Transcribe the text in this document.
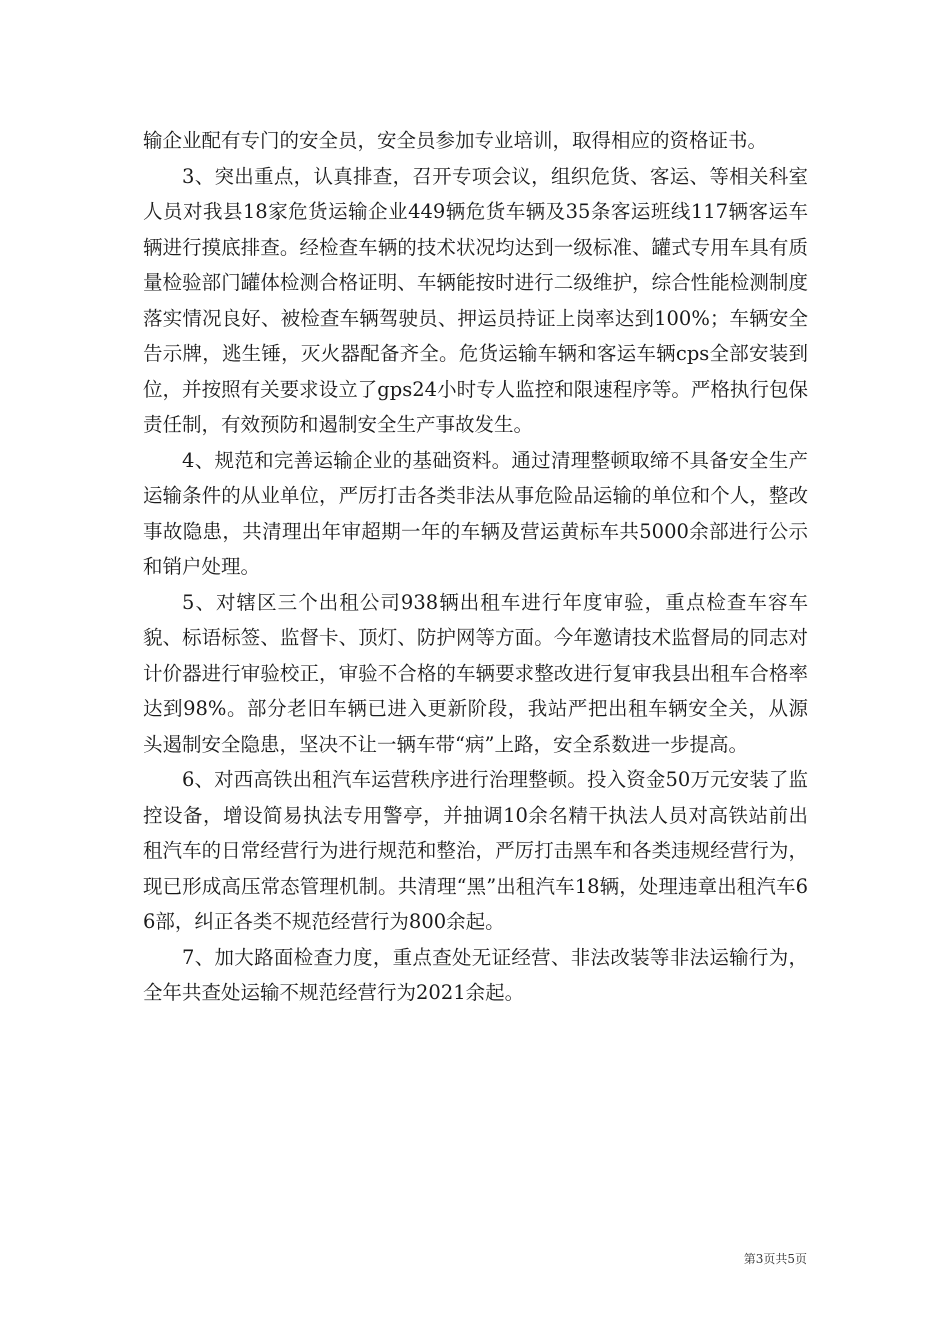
输企业配有专门的安全员，安全员参加专业培训，取得相应的资格证书。

3、突出重点，认真排查，召开专项会议，组织危货、客运、等相关科室人员对我县18家危货运输企业449辆危货车辆及35条客运班线117辆客运车辆进行摸底排查。经检查车辆的技术状况均达到一级标准、罐式专用车具有质量检验部门罐体检测合格证明、车辆能按时进行二级维护，综合性能检测制度落实情况良好、被检查车辆驾驶员、押运员持证上岗率达到100%；车辆安全告示牌，逃生锤，灭火器配备齐全。危货运输车辆和客运车辆cps全部安装到位，并按照有关要求设立了gps24小时专人监控和限速程序等。严格执行包保责任制，有效预防和遏制安全生产事故发生。

4、规范和完善运输企业的基础资料。通过清理整顿取缔不具备安全生产运输条件的从业单位，严厉打击各类非法从事危险品运输的单位和个人，整改事故隐患，共清理出年审超期一年的车辆及营运黄标车共5000余部进行公示和销户处理。

5、对辖区三个出租公司938辆出租车进行年度审验，重点检查车容车貌、标语标签、监督卡、顶灯、防护网等方面。今年邀请技术监督局的同志对计价器进行审验校正，审验不合格的车辆要求整改进行复审我县出租车合格率达到98%。部分老旧车辆已进入更新阶段，我站严把出租车辆安全关，从源头遏制安全隐患，坚决不让一辆车带“病”上路，安全系数进一步提高。

6、对西高铁出租汽车运营秩序进行治理整顿。投入资金50万元安装了监控设备，增设简易执法专用警亭，并抽调10余名精干执法人员对高铁站前出租汽车的日常经营行为进行规范和整治，严厉打击黑车和各类违规经营行为，现已形成高压常态管理机制。共清理“黑”出租汽车18辆，处理违章出租汽车66部，纠正各类不规范经营行为800余起。

7、加大路面检查力度，重点查处无证经营、非法改装等非法运输行为，全年共查处运输不规范经营行为2021余起。

第3页共5页
